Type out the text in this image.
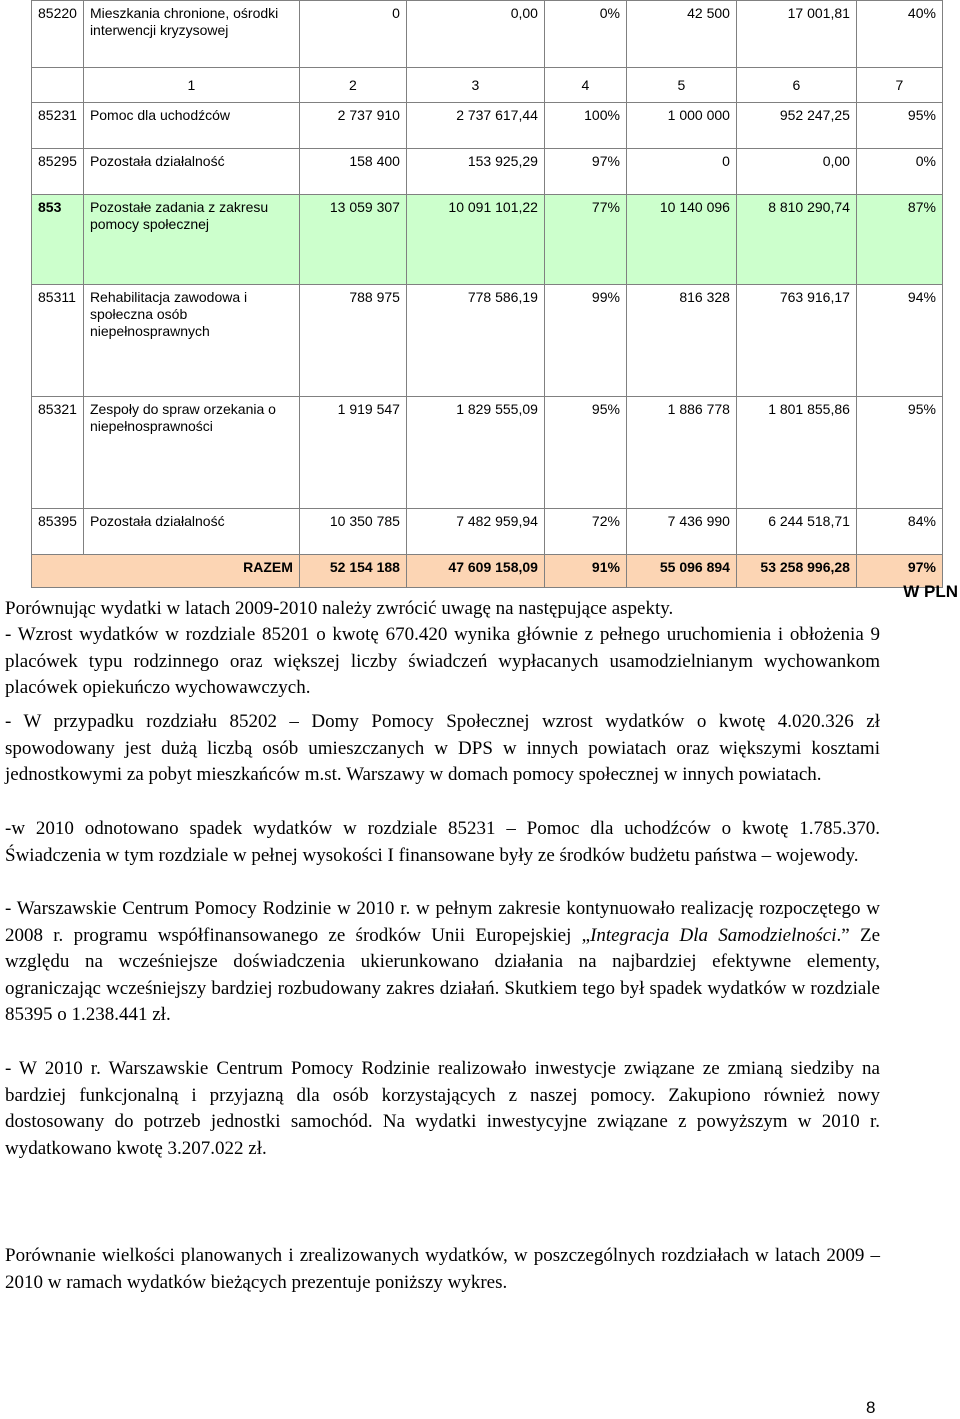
85220	Mieszkania chronione, ośrodki interwencji kryzysowej	0	0,00	0%	42 500	17 001,81	40%
	1	2	3	4	5	6	7
85231	Pomoc dla uchodźców	2 737 910	2 737 617,44	100%	1 000 000	952 247,25	95%
85295	Pozostała działalność	158 400	153 925,29	97%	0	0,00	0%
853	Pozostałe zadania z zakresu pomocy społecznej	13 059 307	10 091 101,22	77%	10 140 096	8 810 290,74	87%
85311	Rehabilitacja zawodowa i społeczna osób niepełnosprawnych	788 975	778 586,19	99%	816 328	763 916,17	94%
85321	Zespoły do spraw orzekania o niepełnosprawności	1 919 547	1 829 555,09	95%	1 886 778	1 801 855,86	95%
85395	Pozostała działalność	10 350 785	7 482 959,94	72%	7 436 990	6 244 518,71	84%
RAZEM		52 154 188	47 609 158,09	91%	55 096 894	53 258 996,28	97%
W PLN
Porównując wydatki w latach 2009-2010 należy zwrócić uwagę na następujące aspekty.
- Wzrost wydatków w rozdziale 85201 o kwotę 670.420 wynika głównie z pełnego uruchomienia i obłożenia 9 placówek typu rodzinnego oraz większej liczby świadczeń wypłacanych usamodzielnianym wychowankom placówek opiekuńczo wychowawczych.
- W przypadku rozdziału 85202 – Domy Pomocy Społecznej wzrost wydatków o kwotę 4.020.326 zł spowodowany jest dużą liczbą osób umieszczanych w DPS w innych powiatach oraz większymi kosztami jednostkowymi za pobyt mieszkańców m.st. Warszawy w domach pomocy społecznej w innych powiatach.
-w 2010 odnotowano spadek wydatków w rozdziale 85231 – Pomoc dla uchodźców o kwotę 1.785.370. Świadczenia w tym rozdziale w pełnej wysokości I finansowane były ze środków budżetu państwa – wojewody.
- Warszawskie Centrum Pomocy Rodzinie w 2010 r. w pełnym zakresie kontynuowało realizację rozpoczętego w 2008 r. programu współfinansowanego ze środków Unii Europejskiej „Integracja Dla Samodzielności.” Ze względu na wcześniejsze doświadczenia ukierunkowano działania na najbardziej efektywne elementy, ograniczając wcześniejszy bardziej rozbudowany zakres działań. Skutkiem tego był spadek wydatków w rozdziale 85395 o 1.238.441 zł.
- W 2010 r. Warszawskie Centrum Pomocy Rodzinie realizowało inwestycje związane ze zmianą siedziby na bardziej funkcjonalną i przyjazną dla osób korzystających z naszej pomocy. Zakupiono również nowy dostosowany do potrzeb jednostki samochód. Na wydatki inwestycyjne związane z powyższym w 2010 r. wydatkowano kwotę 3.207.022 zł.
Porównanie wielkości planowanych i zrealizowanych wydatków, w poszczególnych rozdziałach w latach 2009 – 2010 w ramach wydatków bieżących prezentuje poniższy wykres.
8
